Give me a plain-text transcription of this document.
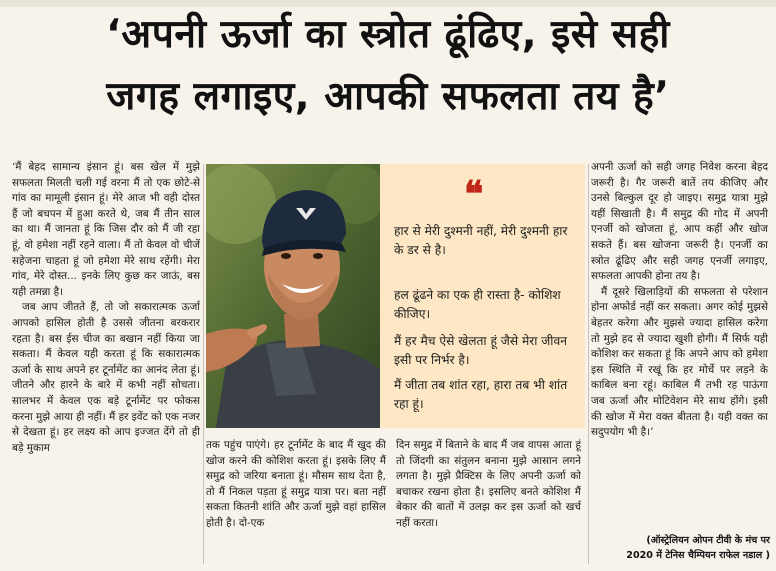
‘अपनी ऊर्जा का स्त्रोत ढूंढिए, इसे सही
जगह लगाइए, आपकी सफलता तय है’

‘मैं बेहद सामान्य इंसान हूं। बस खेल में मुझे सफलता मिलती चली गई वरना मैं तो एक छोटे-से गांव का मामूली इंसान हूं। मेरे आज भी वही दोस्त हैं जो बचपन में हुआ करते थे, जब मैं तीन साल का था। मैं जानता हूं कि जिस दौर को मैं जी रहा हूं, वो हमेशा नहीं रहने वाला। मैं तो केवल वो चीजें सहेजना चाहता हूं जो हमेशा मेरे साथ रहेंगी। मेरा गांव, मेरे दोस्त... इनके लिए कुछ कर जाऊं, बस यही तमन्ना है।

जब आप जीतते हैं, तो जो सकारात्मक ऊर्जा आपको हासिल होती है उससे जीतना बरकरार रहता है। बस ईस चीज का बखान नहीं किया जा सकता। मैं केवल यही करता हूं कि सकारात्मक ऊर्जा के साथ अपने हर टूर्नामेंट का आनंद लेता हूं। जीतने और हारने के बारे में कभी नहीं सोचता। सालभर में केवल एक बड़े टूर्नामेंट पर फोकस करना मुझे आया ही नहीं। मैं हर इवेंट को एक नजर से देखता हूं। हर लक्ष्य को आप इज्जत देंगे तो ही बड़े मुकाम

❝
हार से मेरी दुश्मनी नहीं, मेरी दुश्मनी हार के डर से है।
हल ढूंढने का एक ही रास्ता है- कोशिश कीजिए।
मैं हर मैच ऐसे खेलता हूं जैसे मेरा जीवन इसी पर निर्भर है।
मैं जीता तब शांत रहा, हारा तब भी शांत रहा हूं।

तक पहुंच पाएंगे। हर टूर्नामेंट के बाद मैं खुद की खोज करने की कोशिश करता हूं। इसके लिए मैं समुद्र को जरिया बनाता हूं। मौसम साथ देता है, तो मैं निकल पड़ता हूं समुद्र यात्रा पर। बता नहीं सकता कितनी शांति और ऊर्जा मुझे वहां हासिल होती है। दो-एक

दिन समुद्र में बिताने के बाद मैं जब वापस आता हूं तो जिंदगी का संतुलन बनाना मुझे आसान लगने लगता है। मुझे प्रैक्टिस के लिए अपनी ऊर्जा को बचाकर रखना होता है। इसलिए बनते कोशिश मैं बेकार की बातों में उलझ कर इस ऊर्जा को खर्च नहीं करता।

अपनी ऊर्जा को सही जगह निवेश करना बेहद जरूरी है। गैर जरूरी बातें तय कीजिए और उनसे बिल्कुल दूर हो जाइए। समुद्र यात्रा मुझे यहीं सिखाती है। मैं समुद्र की गोद में अपनी एनर्जी को खोजता हूं, आप कहीं और खोज सकते हैं। बस खोजना जरूरी है। एनर्जी का स्त्रोत ढूंढिए और सही जगह एनर्जी लगाइए, सफलता आपकी होना तय है।

मैं दूसरे खिलाड़ियों की सफलता से परेशान होना अफोर्ड नहीं कर सकता। अगर कोई मुझसे बेहतर करेगा और मुझसे ज्यादा हासिल करेगा तो मुझे हद से ज्यादा खुशी होगी। मैं सिर्फ यही कोशिश कर सकता हूं कि अपने आप को हमेशा इस स्थिति में रखूं कि हर मोर्चे पर लड़ने के काबिल बना रहूं। काबिल मैं तभी रह पाऊंगा जब ऊर्जा और मोटिवेशन मेरे साथ होंगे। इसी की खोज में मेरा वक्त बीतता है। यही वक्त का सदुपयोग भी है।’

(ऑस्ट्रेलियन ओपन टीवी के मंच पर
2020 में टेनिस चैम्पियन राफेल नडाल )
